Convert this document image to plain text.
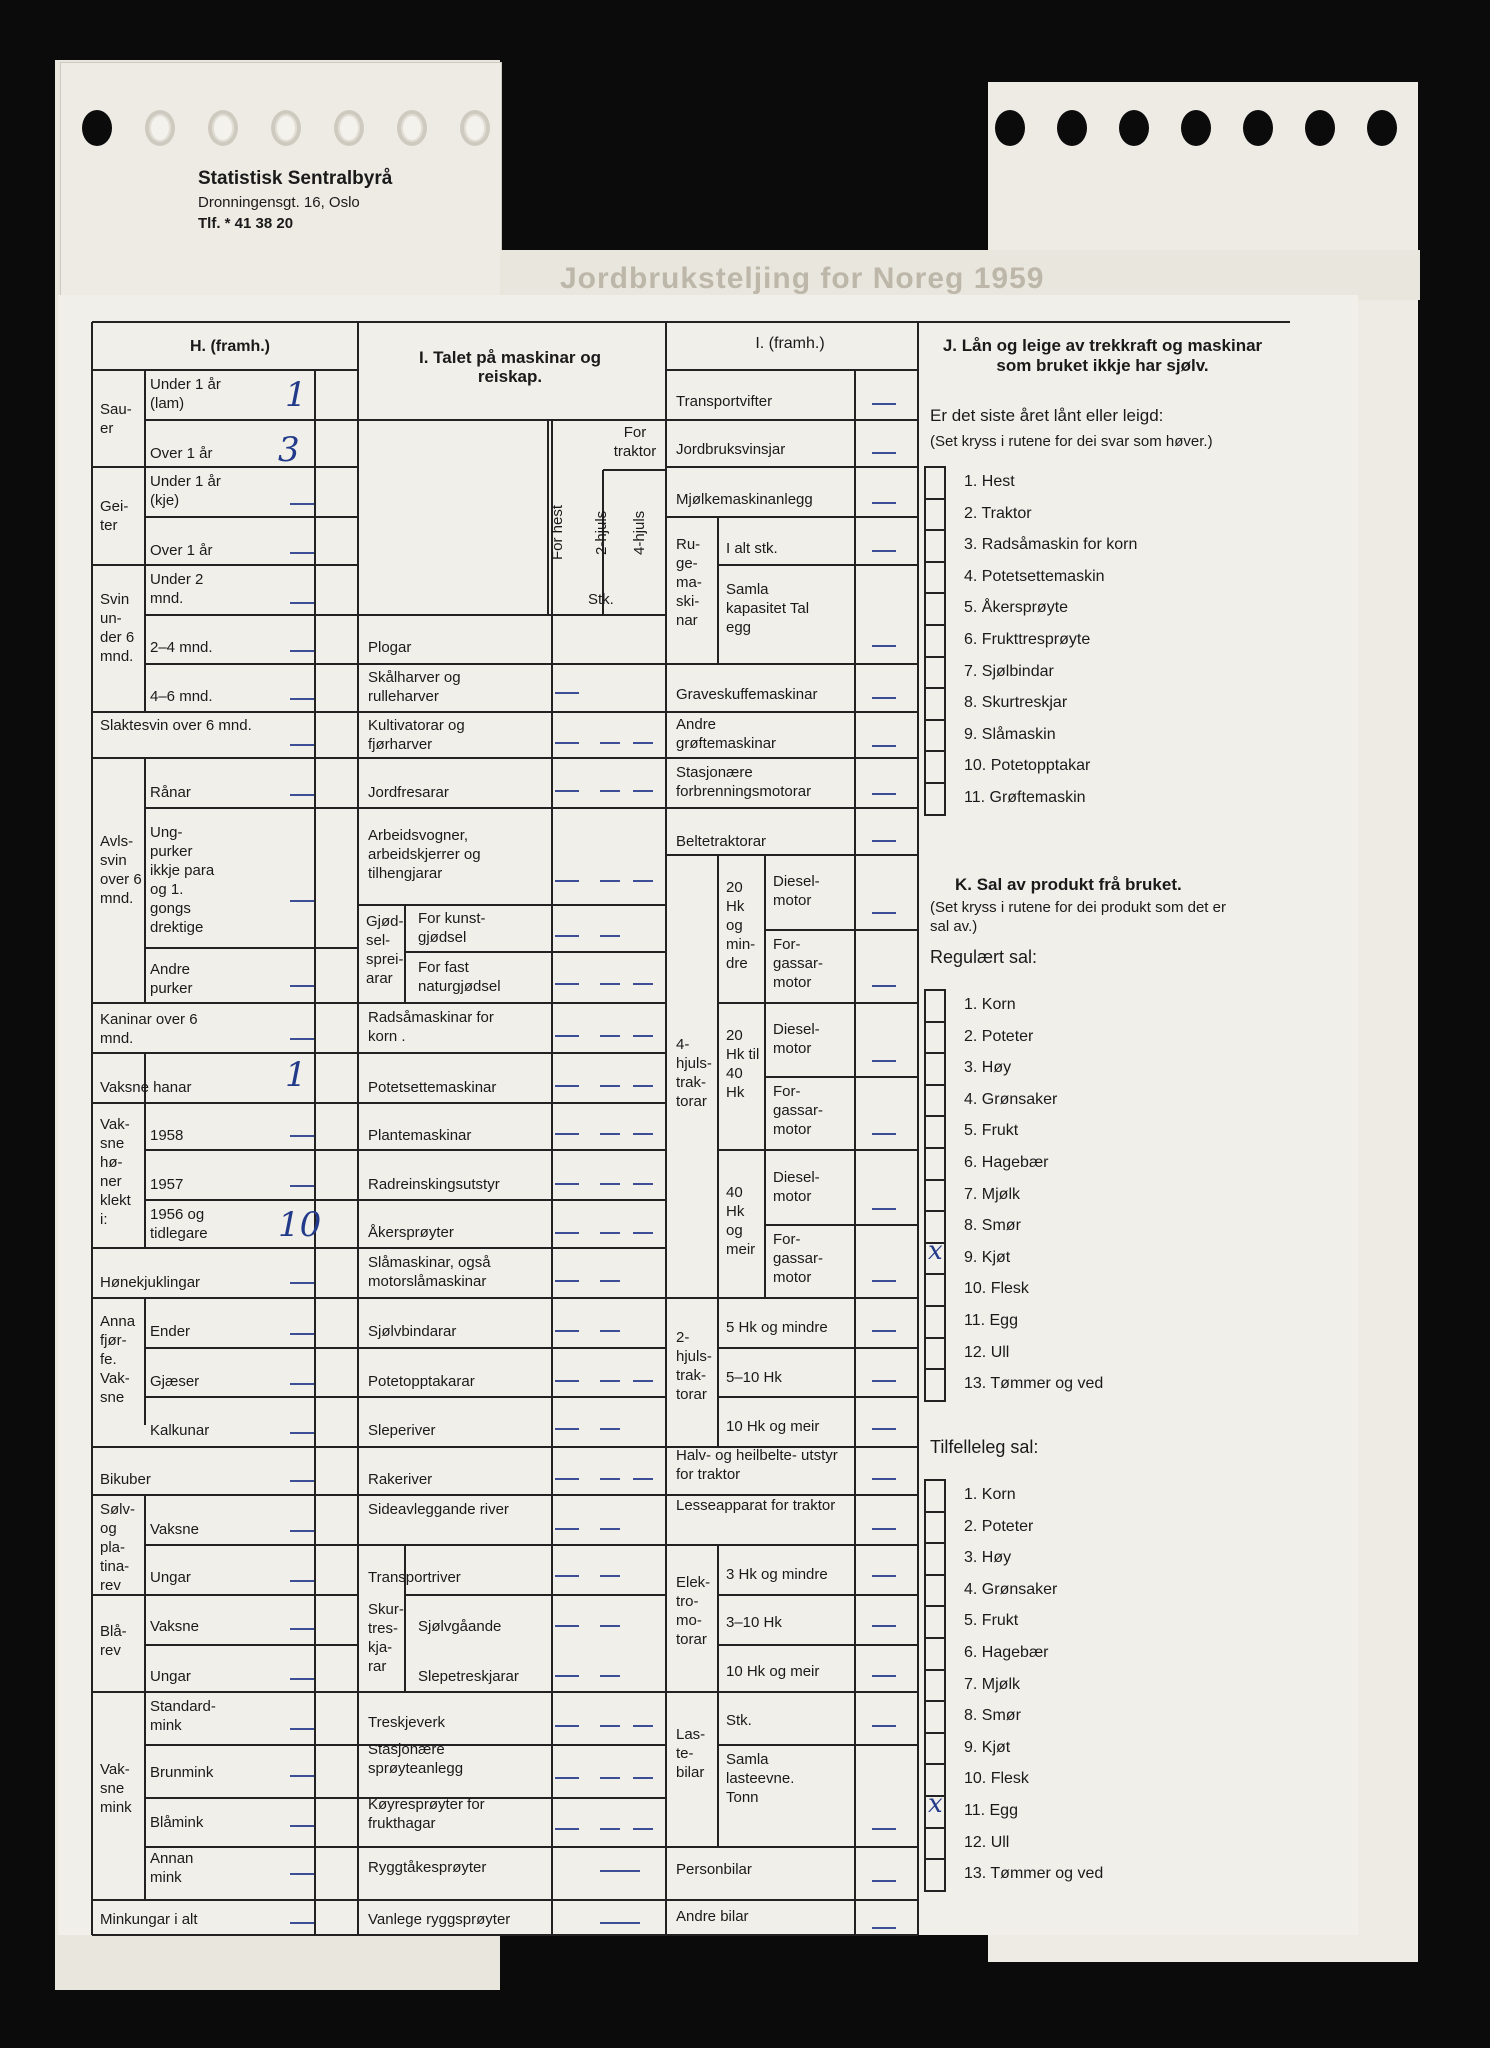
Statistisk Sentralbyrå
Dronningensgt. 16, Oslo
Tlf. * 41 38 20
Jordbruksteljing for Noreg 1959
H. (framh.)
Sau- er
Under 1 år (lam)
Over 1 år
Gei- ter
Under 1 år (kje)
Over 1 år
Svin un- der 6 mnd.
Under 2 mnd.
2–4 mnd.
4–6 mnd.
Slaktesvin over 6 mnd.
Avls- svin over 6 mnd.
Rånar
Ung- purker ikkje para og 1. gongs drektige
Andre purker
Kaninar over 6 mnd.
Vaksne hanar
Vak- sne hø- ner klekt i:
1958
1957
1956 og tidlegare
Hønekjuklingar
Anna fjør- fe. Vak- sne
Ender
Gjæser
Kalkunar
Bikuber
Sølv- og pla- tina- rev
Vaksne
Ungar
Blå- rev
Vaksne
Ungar
Vak- sne mink
Standard- mink
Brunmink
Blåmink
Annan mink
Minkungar i alt
1
3
1
10
I. Talet på maskinar og reiskap.
For traktor
For hest 2-hjuls 4-hjuls
Stk.
Plogar
Skålharver og rulleharver
Kultivatorar og fjørharver
Jordfresarar
Arbeidsvogner, arbeidskjerrer og tilhengjarar
Gjød- sel- sprei- arar
For kunst- gjødsel
For fast naturgjødsel
Radsåmaskinar for korn .
Potetsettemaskinar
Plantemaskinar
Radreinskingsutstyr
Åkersprøyter
Slåmaskinar, også motorslåmaskinar
Sjølvbindarar
Potetopptakarar
Sleperiver
Rakeriver
Sideavleggande river
Transportriver
Skur- tres- kja- rar
Sjølvgåande
Slepetreskjarar
Treskjeverk
Stasjonære sprøyteanlegg
Køyresprøyter for frukthagar
Ryggtåkesprøyter
Vanlege ryggsprøyter
I. (framh.)
Transportvifter
Jordbruksvinsjar
Mjølkemaskinanlegg
Ru- ge- ma- ski- nar
I alt stk.
Samla kapasitet Tal egg
Graveskuffemaskinar
Andre grøftemaskinar
Stasjonære forbrenningsmotorar
Beltetraktorar
4- hjuls- trak- torar
20 Hk og min- dre
20 Hk til 40 Hk
40 Hk og meir
Diesel- motor
For- gassar- motor
Diesel- motor
For- gassar- motor
Diesel- motor
For- gassar- motor
2- hjuls- trak- torar
5 Hk og mindre
5–10 Hk
10 Hk og meir
Halv- og heilbelte- utstyr for traktor
Lesseapparat for traktor
Elek- tro- mo- torar
3 Hk og mindre
3–10 Hk
10 Hk og meir
Las- te- bilar
Stk.
Samla lasteevne. Tonn
Personbilar
Andre bilar
J. Lån og leige av trekkraft og maskinar som bruket ikkje har sjølv.
Er det siste året lånt eller leigd:
(Set kryss i rutene for dei svar som høver.)
1. Hest
2. Traktor
3. Radsåmaskin for korn
4. Potetsettemaskin
5. Åkersprøyte
6. Frukttresprøyte
7. Sjølbindar
8. Skurtreskjar
9. Slåmaskin
10. Potetopptakar
11. Grøftemaskin
K. Sal av produkt frå bruket.
(Set kryss i rutene for dei produkt som det er sal av.)
Regulært sal:
Tilfelleleg sal:
1. Korn
2. Poteter
3. Høy
4. Grønsaker
5. Frukt
6. Hagebær
7. Mjølk
8. Smør
9. Kjøt
x
10. Flesk
11. Egg
12. Ull
13. Tømmer og ved
1. Korn
2. Poteter
3. Høy
4. Grønsaker
5. Frukt
6. Hagebær
7. Mjølk
8. Smør
9. Kjøt
10. Flesk
11. Egg
x
12. Ull
13. Tømmer og ved
